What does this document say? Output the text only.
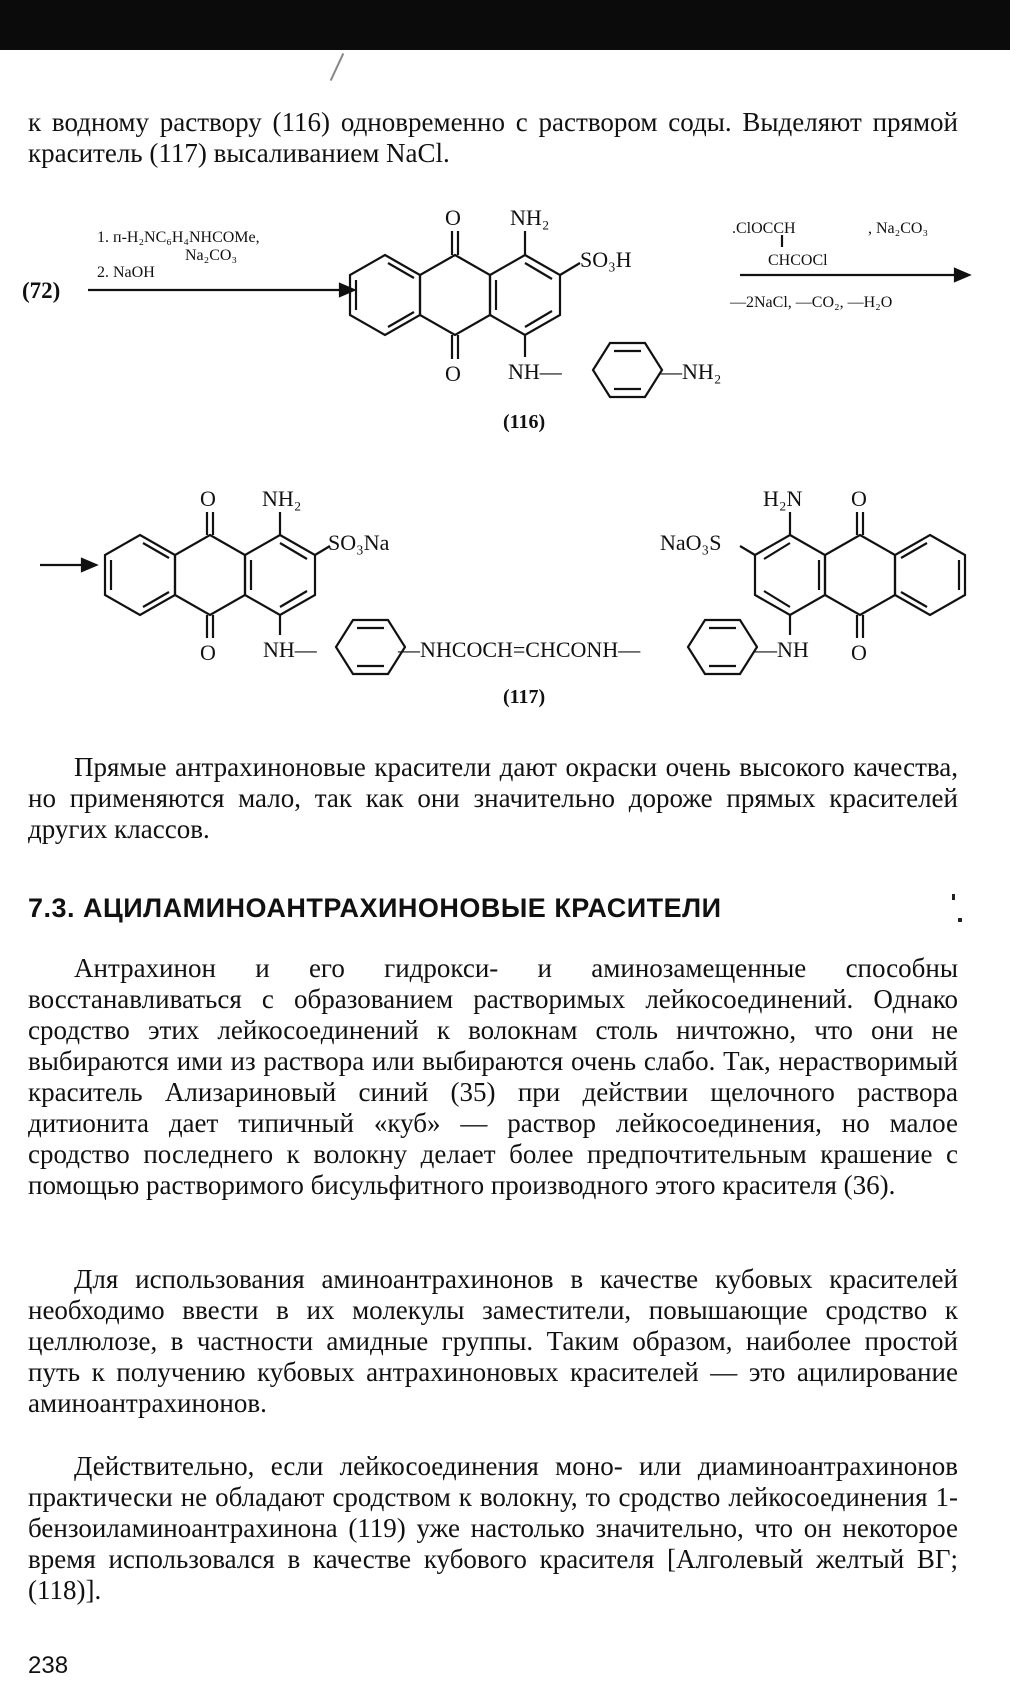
к водному раствору (116) одновременно с раствором соды. Выделяют прямой краситель (117) высаливанием NaCl.

(72)
1. п-H₂NC₆H₄NHCOMe,
Na₂CO₃
2. NaOH
O NH₂
SO₃H
O NH—	—NH₂
(116)
.ClOCCH	, Na₂CO₃
CHCOCl
—2NaCl, —CO₂, —H₂O
O NH₂
SO₃Na
O NH—	—NHCOCH=CHCONH—
H₂N O
NaO₃S
—NH O
(117)

Прямые антрахиноновые красители дают окраски очень высокого качества, но применяются мало, так как они значительно дороже прямых красителей других классов.

7.3. АЦИЛАМИНОАНТРАХИНОНОВЫЕ КРАСИТЕЛИ

Антрахинон и его гидрокси- и аминозамещенные способны восстанавливаться с образованием растворимых лейкосоединений. Однако сродство этих лейкосоединений к волокнам столь ничтожно, что они не выбираются ими из раствора или выбираются очень слабо. Так, нерастворимый краситель Ализариновый синий (35) при действии щелочного раствора дитионита дает типичный «куб» — раствор лейкосоединения, но малое сродство последнего к волокну делает более предпочтительным крашение с помощью растворимого бисульфитного производного этого красителя (36).

Для использования аминоантрахинонов в качестве кубовых красителей необходимо ввести в их молекулы заместители, повышающие сродство к целлюлозе, в частности амидные группы. Таким образом, наиболее простой путь к получению кубовых антрахиноновых красителей — это ацилирование аминоантрахинонов.

Действительно, если лейкосоединения моно- или диаминоантрахинонов практически не обладают сродством к волокну, то сродство лейкосоединения 1-бензоиламиноантрахинона (119) уже настолько значительно, что он некоторое время использовался в качестве кубового красителя [Алголевый желтый ВГ; (118)].

238
